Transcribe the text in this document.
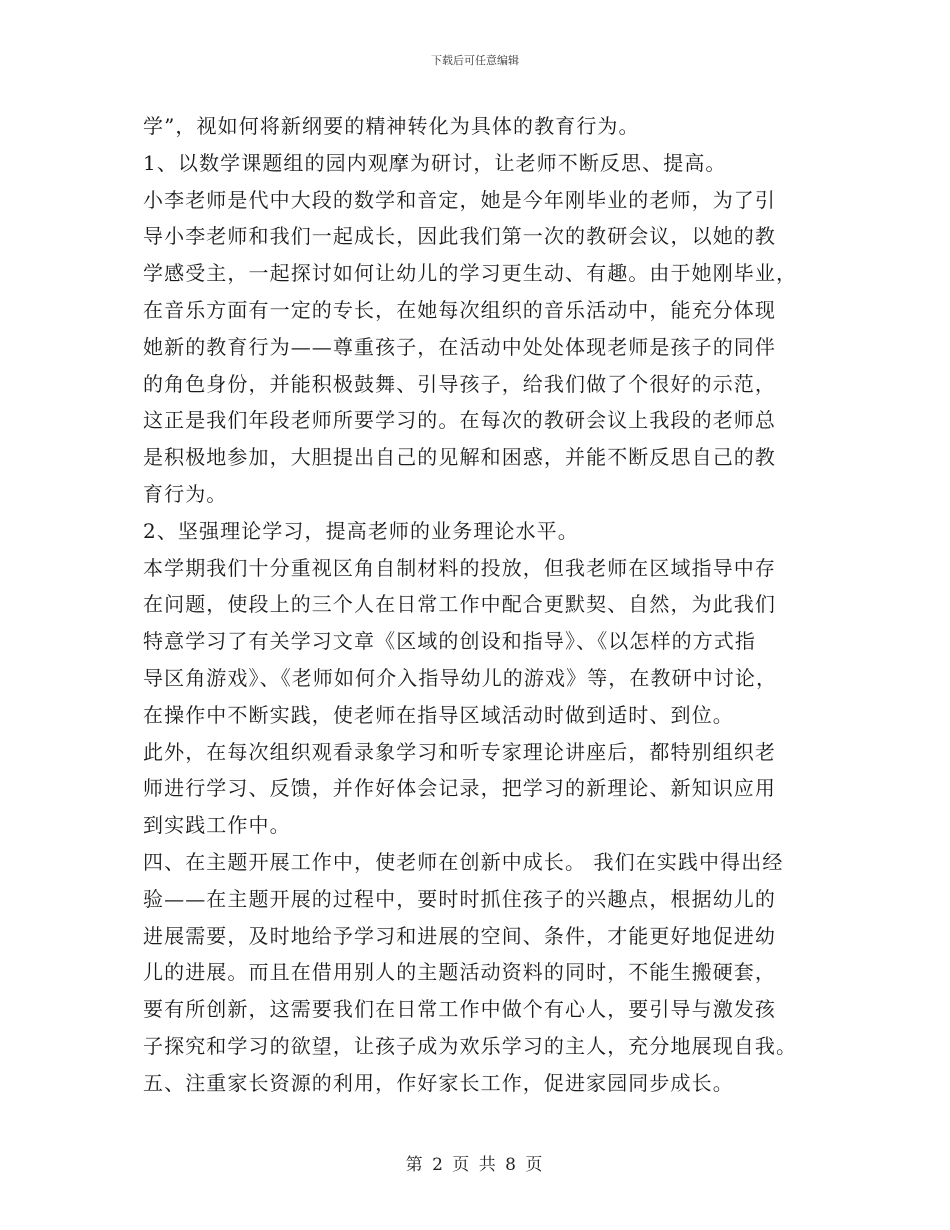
下载后可任意编辑
学”，视如何将新纲要的精神转化为具体的教育行为。
1、以数学课题组的园内观摩为研讨，让老师不断反思、提高。
小李老师是代中大段的数学和音定，她是今年刚毕业的老师，为了引
导小李老师和我们一起成长，因此我们第一次的教研会议，以她的教
学感受主，一起探讨如何让幼儿的学习更生动、有趣。由于她刚毕业，
在音乐方面有一定的专长，在她每次组织的音乐活动中，能充分体现
她新的教育行为——尊重孩子，在活动中处处体现老师是孩子的同伴
的角色身份，并能积极鼓舞、引导孩子，给我们做了个很好的示范，
这正是我们年段老师所要学习的。在每次的教研会议上我段的老师总
是积极地参加，大胆提出自己的见解和困惑，并能不断反思自己的教
育行为。
2、坚强理论学习，提高老师的业务理论水平。
本学期我们十分重视区角自制材料的投放，但我老师在区域指导中存
在问题，使段上的三个人在日常工作中配合更默契、自然，为此我们
特意学习了有关学习文章《区域的创设和指导》、《以怎样的方式指
导区角游戏》、《老师如何介入指导幼儿的游戏》等，在教研中讨论，
在操作中不断实践，使老师在指导区域活动时做到适时、到位。
此外，在每次组织观看录象学习和听专家理论讲座后，都特别组织老
师进行学习、反馈，并作好体会记录，把学习的新理论、新知识应用
到实践工作中。
四、在主题开展工作中，使老师在创新中成长。 我们在实践中得出经
验——在主题开展的过程中，要时时抓住孩子的兴趣点，根据幼儿的
进展需要，及时地给予学习和进展的空间、条件，才能更好地促进幼
儿的进展。而且在借用别人的主题活动资料的同时，不能生搬硬套，
要有所创新，这需要我们在日常工作中做个有心人，要引导与激发孩
子探究和学习的欲望，让孩子成为欢乐学习的主人，充分地展现自我。
五、注重家长资源的利用，作好家长工作，促进家园同步成长。
第 2 页 共 8 页
